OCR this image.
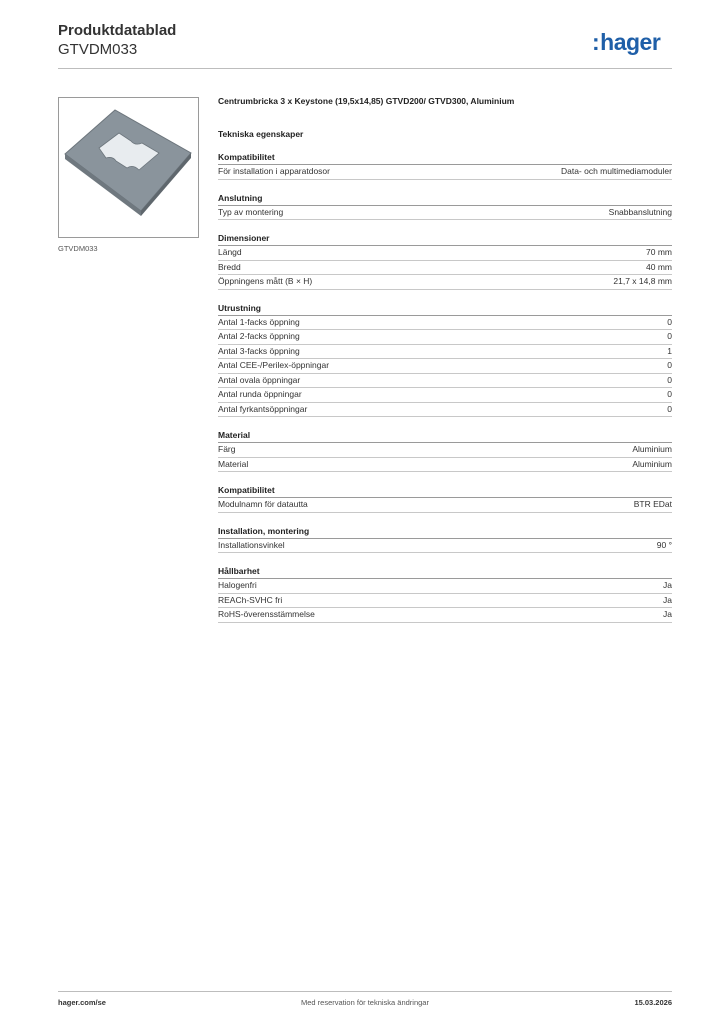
Produktdatablad
GTVDM033	:hager
GTVDM033
Centrumbricka 3 x Keystone (19,5x14,85) GTVD200/ GTVD300, Aluminium
Tekniska egenskaper
Kompatibilitet
För installation i apparatdosor	Data- och multimediamoduler
Anslutning
Typ av montering	Snabbanslutning
Dimensioner
Längd	70 mm
Bredd	40 mm
Öppningens mått (B × H)	21,7 x 14,8 mm
Utrustning
Antal 1-facks öppning	0
Antal 2-facks öppning	0
Antal 3-facks öppning	1
Antal CEE-/Perilex-öppningar	0
Antal ovala öppningar	0
Antal runda öppningar	0
Antal fyrkantsöppningar	0
Material
Färg	Aluminium
Material	Aluminium
Kompatibilitet
Modulnamn för datautta	BTR EDat
Installation, montering
Installationsvinkel	90 °
Hållbarhet
Halogenfri	Ja
REACh-SVHC fri	Ja
RoHS-överensstämmelse	Ja
hager.com/se	Med reservation för tekniska ändringar	15.03.2026
